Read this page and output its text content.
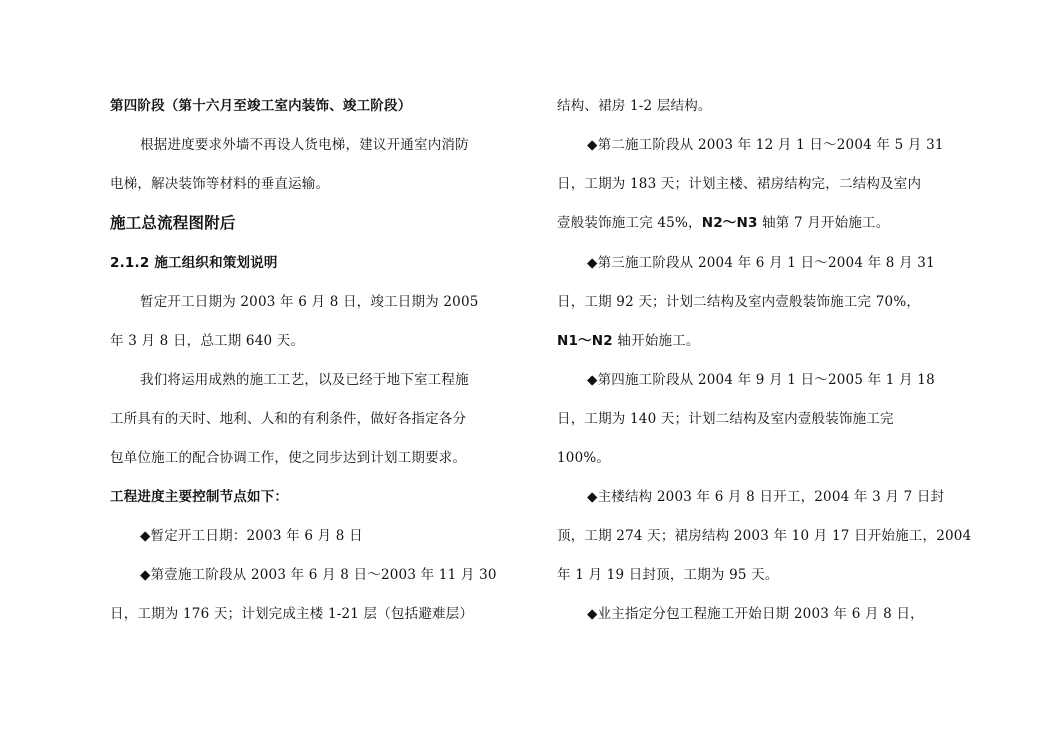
第四阶段（第十六月至竣工室内装饰、竣工阶段）
根据进度要求外墙不再设人货电梯，建议开通室内消防
电梯，解决装饰等材料的垂直运输。
施工总流程图附后
2.1.2 施工组织和策划说明
暂定开工日期为 2003 年 6 月 8 日，竣工日期为 2005
年 3 月 8 日，总工期 640 天。
我们将运用成熟的施工工艺，以及已经于地下室工程施
工所具有的天时、地利、人和的有利条件，做好各指定各分
包单位施工的配合协调工作，使之同步达到计划工期要求。
工程进度主要控制节点如下：
◆暂定开工日期：2003 年 6 月 8 日
◆第壹施工阶段从 2003 年 6 月 8 日～2003 年 11 月 30
日，工期为 176 天；计划完成主楼 1-21 层（包括避难层）
结构、裙房 1-2 层结构。
◆第二施工阶段从 2003 年 12 月 1 日～2004 年 5 月 31
日，工期为 183 天；计划主楼、裙房结构完，二结构及室内
壹般装饰施工完 45%，N2～N3 轴第 7 月开始施工。
◆第三施工阶段从 2004 年 6 月 1 日～2004 年 8 月 31
日，工期 92 天；计划二结构及室内壹般装饰施工完 70%，
N1～N2 轴开始施工。
◆第四施工阶段从 2004 年 9 月 1 日～2005 年 1 月 18
日，工期为 140 天；计划二结构及室内壹般装饰施工完
100%。
◆主楼结构 2003 年 6 月 8 日开工，2004 年 3 月 7 日封
顶，工期 274 天；裙房结构 2003 年 10 月 17 日开始施工，2004
年 1 月 19 日封顶，工期为 95 天。
◆业主指定分包工程施工开始日期 2003 年 6 月 8 日，
